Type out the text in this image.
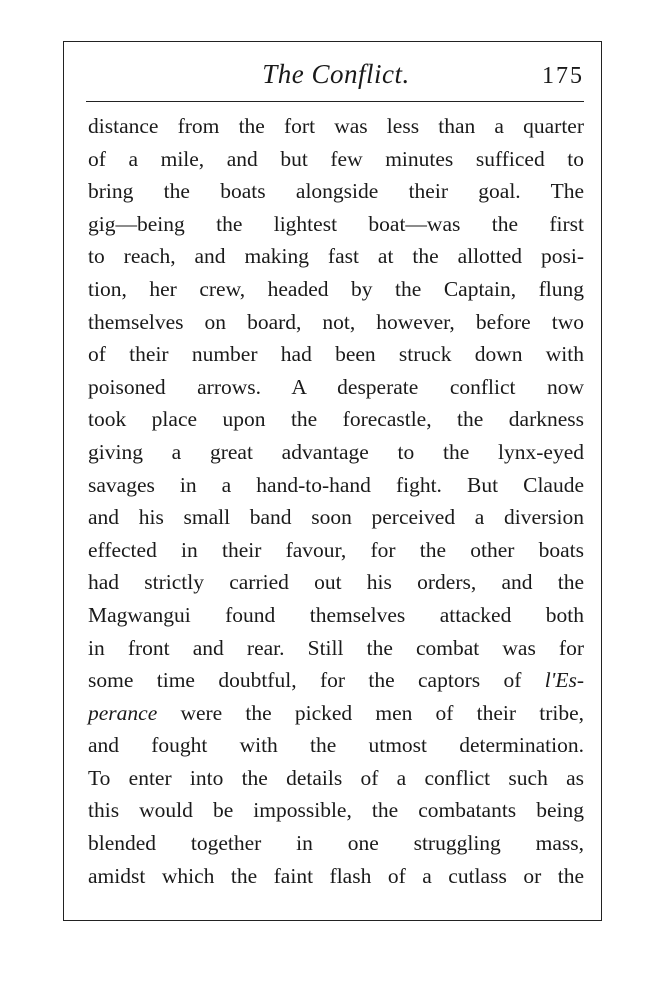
The Conflict.	175
distance from the fort was less than a quarter
of a mile, and but few minutes sufficed to
bring the boats alongside their goal. The
gig—being the lightest boat—was the first
to reach, and making fast at the allotted posi-
tion, her crew, headed by the Captain, flung
themselves on board, not, however, before two
of their number had been struck down with
poisoned arrows. A desperate conflict now
took place upon the forecastle, the darkness
giving a great advantage to the lynx-eyed
savages in a hand-to-hand fight. But Claude
and his small band soon perceived a diversion
effected in their favour, for the other boats
had strictly carried out his orders, and the
Magwangui found themselves attacked both
in front and rear. Still the combat was for
some time doubtful, for the captors of l'Es-
perance were the picked men of their tribe,
and fought with the utmost determination.
To enter into the details of a conflict such as
this would be impossible, the combatants being
blended together in one struggling mass,
amidst which the faint flash of a cutlass or the
